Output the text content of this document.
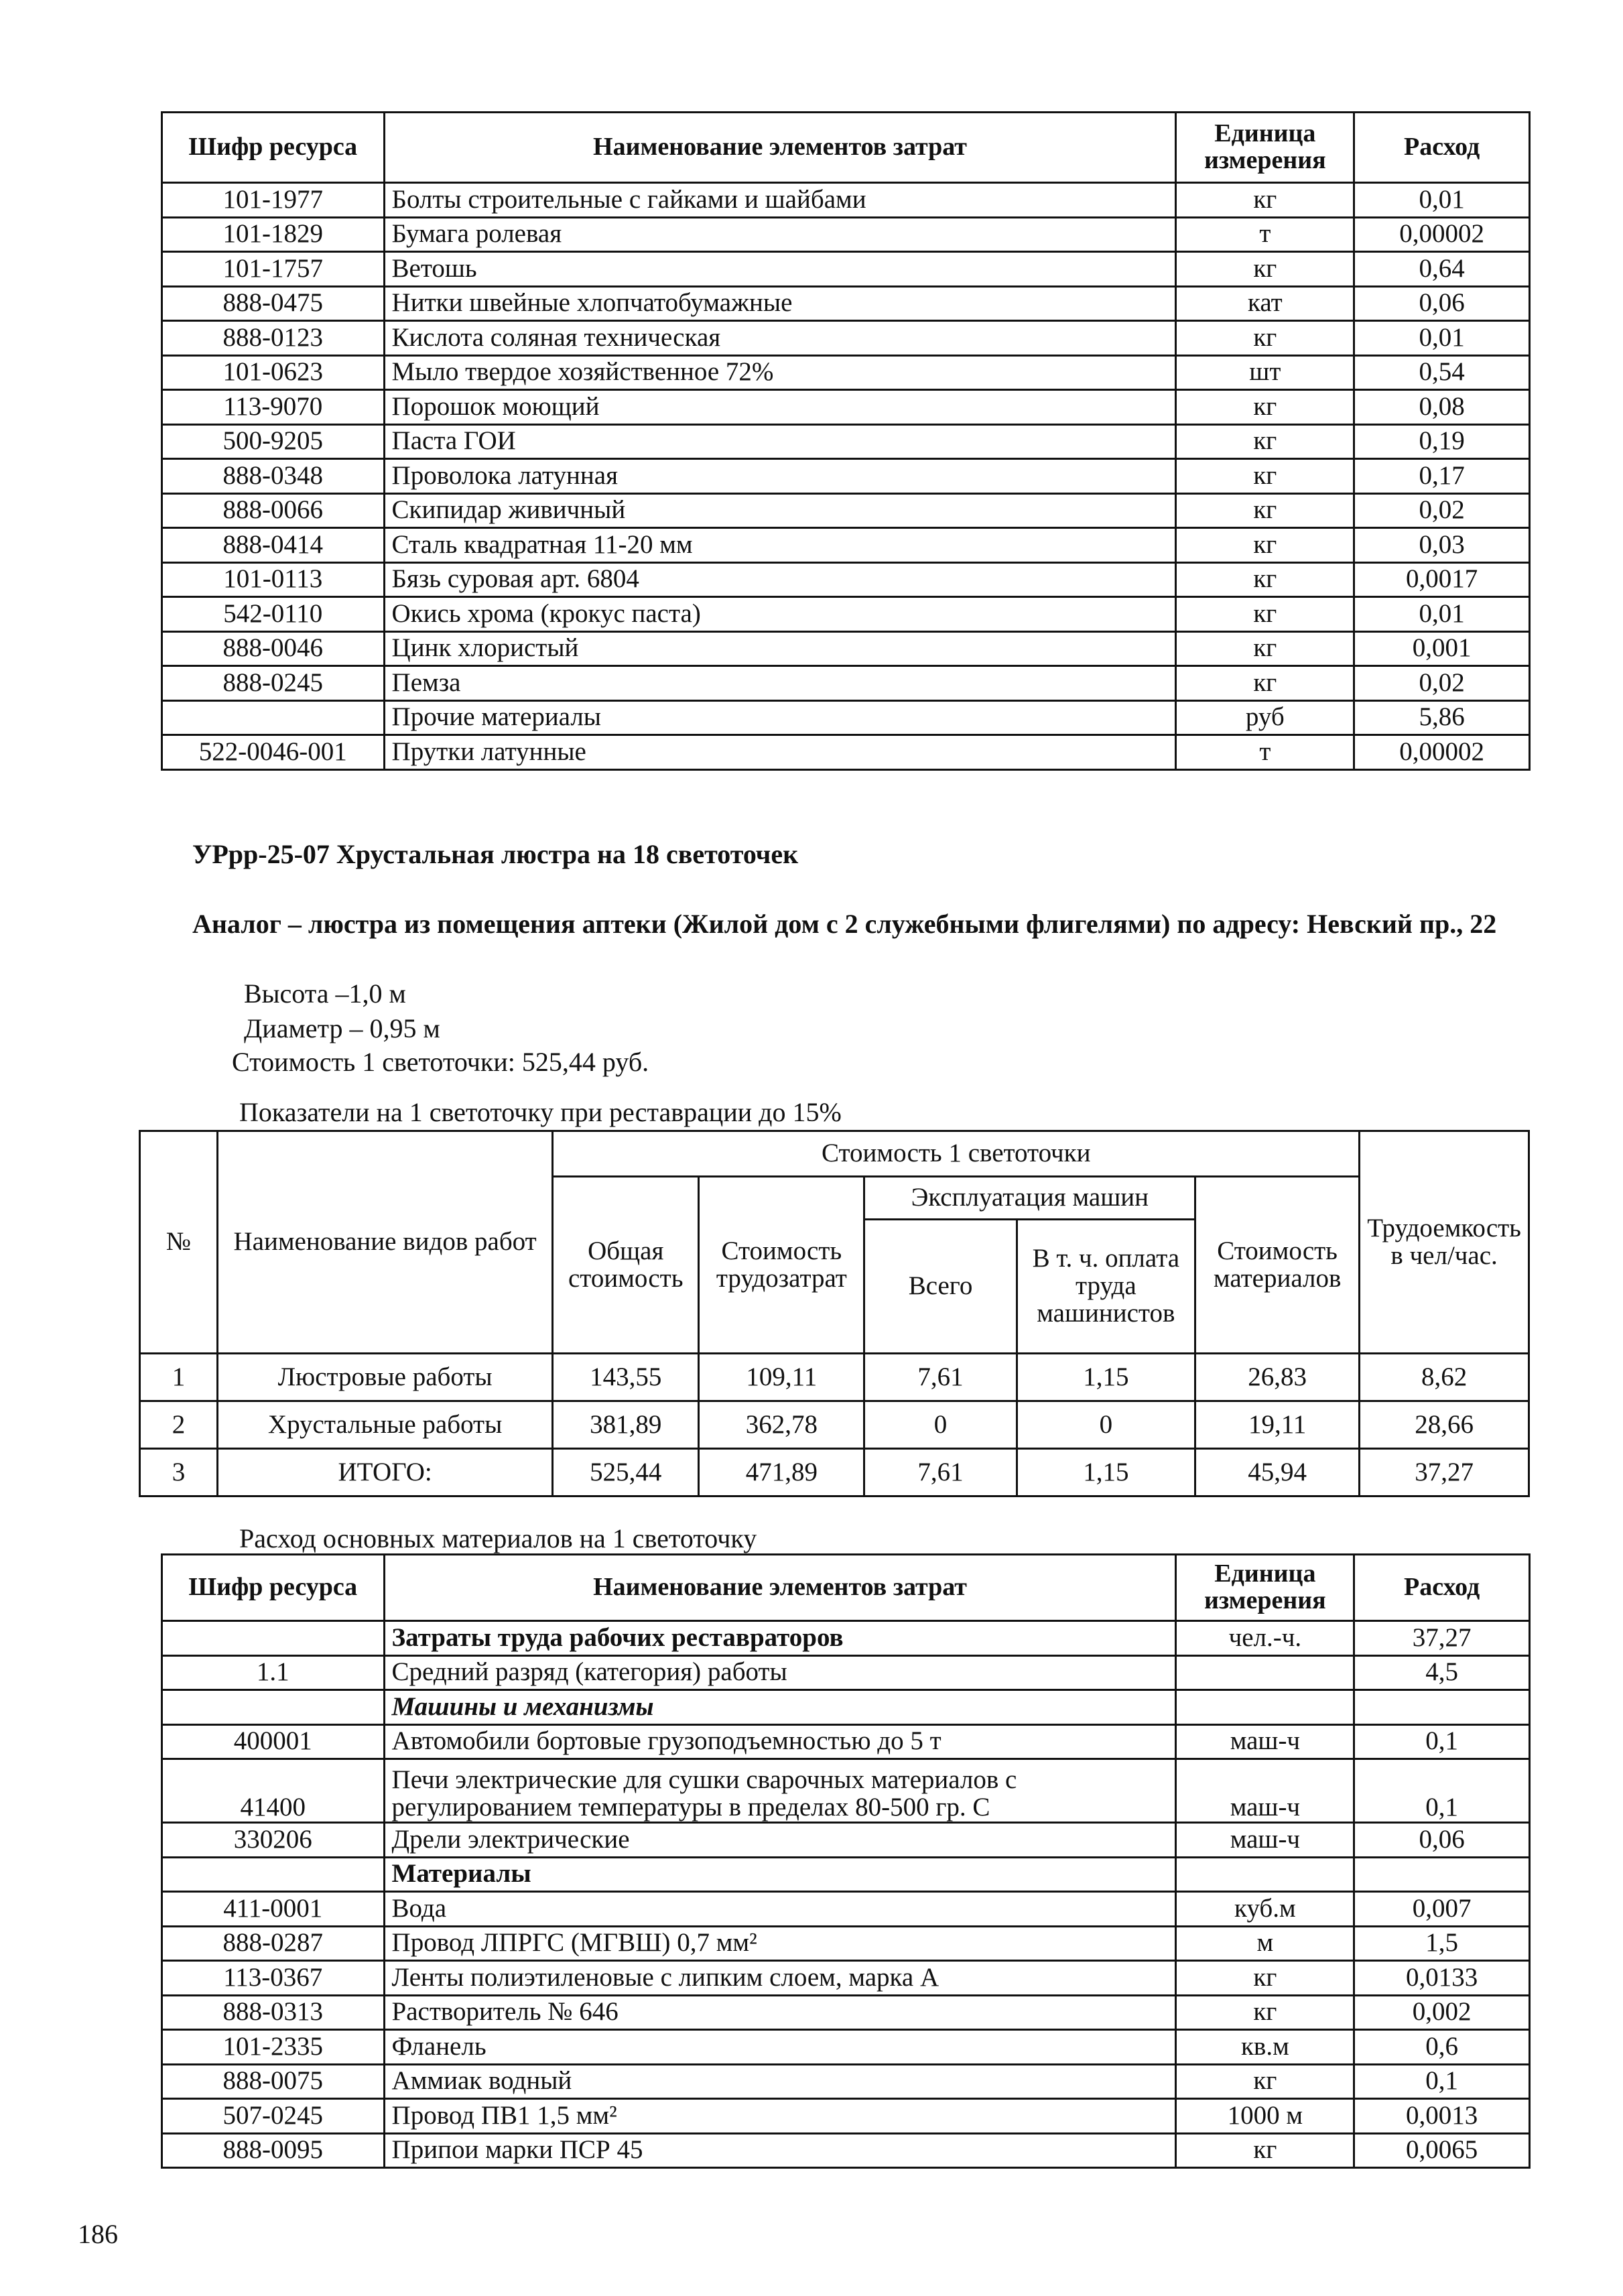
Шифр ресурса	Наименование элементов затрат	Единица измерения	Расход
101-1977	Болты строительные с гайками и шайбами	кг	0,01
101-1829	Бумага ролевая	т	0,00002
101-1757	Ветошь	кг	0,64
888-0475	Нитки швейные хлопчатобумажные	кат	0,06
888-0123	Кислота соляная техническая	кг	0,01
101-0623	Мыло твердое хозяйственное 72%	шт	0,54
113-9070	Порошок моющий	кг	0,08
500-9205	Паста ГОИ	кг	0,19
888-0348	Проволока латунная	кг	0,17
888-0066	Скипидар живичный	кг	0,02
888-0414	Сталь квадратная 11-20 мм	кг	0,03
101-0113	Бязь суровая арт. 6804	кг	0,0017
542-0110	Окись хрома (крокус паста)	кг	0,01
888-0046	Цинк хлористый	кг	0,001
888-0245	Пемза	кг	0,02
	Прочие материалы	руб	5,86
522-0046-001	Прутки латунные	т	0,00002

УРрр-25-07 Хрустальная люстра на 18 светоточек

Аналог – люстра из помещения аптеки (Жилой дом с 2 служебными флигелями) по адресу: Невский пр., 22

Высота –1,0 м

Диаметр – 0,95 м

Стоимость 1 светоточки: 525,44 руб.

Показатели на 1 светоточку при реставрации до 15%

№	Наименование видов работ	Стоимость 1 светоточки					Трудоемкость в чел/час.
		Общая стоимость	Стоимость трудозатрат	Эксплуатация машин		Стоимость материалов	
				Всего	В т. ч. оплата труда машинистов		
1	Люстровые работы	143,55	109,11	7,61	1,15	26,83	8,62
2	Хрустальные работы	381,89	362,78	0	0	19,11	28,66
3	ИТОГО:	525,44	471,89	7,61	1,15	45,94	37,27

Расход основных материалов на 1 светоточку

Шифр ресурса	Наименование элементов затрат	Единица измерения	Расход
	Затраты труда рабочих реставраторов	чел.-ч.	37,27
1.1	Средний разряд (категория) работы		4,5
	Машины и механизмы		
400001	Автомобили бортовые грузоподъемностью до 5 т	маш-ч	0,1
41400	Печи электрические для сушки сварочных материалов с регулированием температуры в пределах 80-500 гр. С	маш-ч	0,1
330206	Дрели электрические	маш-ч	0,06
	Материалы		
411-0001	Вода	куб.м	0,007
888-0287	Провод ЛПРГС (МГВШ) 0,7 мм²	м	1,5
113-0367	Ленты полиэтиленовые с липким слоем, марка А	кг	0,0133
888-0313	Растворитель № 646	кг	0,002
101-2335	Фланель	кв.м	0,6
888-0075	Аммиак водный	кг	0,1
507-0245	Провод ПВ1 1,5 мм²	1000 м	0,0013
888-0095	Припои марки ПСР 45	кг	0,0065
186
